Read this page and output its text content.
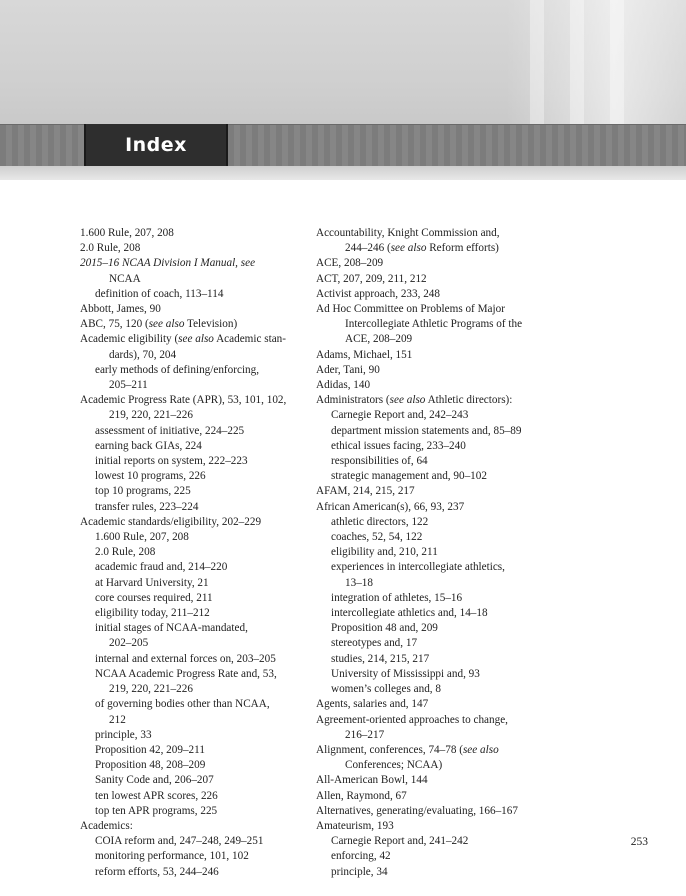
Index
1.600 Rule, 207, 208
2.0 Rule, 208
2015–16 NCAA Division I Manual, see
NCAA
definition of coach, 113–114
Abbott, James, 90
ABC, 75, 120 (see also Television)
Academic eligibility (see also Academic stan-
dards), 70, 204
early methods of defining/enforcing,
205–211
Academic Progress Rate (APR), 53, 101, 102,
219, 220, 221–226
assessment of initiative, 224–225
earning back GIAs, 224
initial reports on system, 222–223
lowest 10 programs, 226
top 10 programs, 225
transfer rules, 223–224
Academic standards/eligibility, 202–229
1.600 Rule, 207, 208
2.0 Rule, 208
academic fraud and, 214–220
at Harvard University, 21
core courses required, 211
eligibility today, 211–212
initial stages of NCAA-mandated,
202–205
internal and external forces on, 203–205
NCAA Academic Progress Rate and, 53,
219, 220, 221–226
of governing bodies other than NCAA,
212
principle, 33
Proposition 42, 209–211
Proposition 48, 208–209
Sanity Code and, 206–207
ten lowest APR scores, 226
top ten APR programs, 225
Academics:
COIA reform and, 247–248, 249–251
monitoring performance, 101, 102
reform efforts, 53, 244–246
Accountability, Knight Commission and,
244–246 (see also Reform efforts)
ACE, 208–209
ACT, 207, 209, 211, 212
Activist approach, 233, 248
Ad Hoc Committee on Problems of Major
Intercollegiate Athletic Programs of the
ACE, 208–209
Adams, Michael, 151
Ader, Tani, 90
Adidas, 140
Administrators (see also Athletic directors):
Carnegie Report and, 242–243
department mission statements and, 85–89
ethical issues facing, 233–240
responsibilities of, 64
strategic management and, 90–102
AFAM, 214, 215, 217
African American(s), 66, 93, 237
athletic directors, 122
coaches, 52, 54, 122
eligibility and, 210, 211
experiences in intercollegiate athletics,
13–18
integration of athletes, 15–16
intercollegiate athletics and, 14–18
Proposition 48 and, 209
stereotypes and, 17
studies, 214, 215, 217
University of Mississippi and, 93
women’s colleges and, 8
Agents, salaries and, 147
Agreement-oriented approaches to change,
216–217
Alignment, conferences, 74–78 (see also
Conferences; NCAA)
All-American Bowl, 144
Allen, Raymond, 67
Alternatives, generating/evaluating, 166–167
Amateurism, 193
Carnegie Report and, 241–242
enforcing, 42
principle, 34
253
